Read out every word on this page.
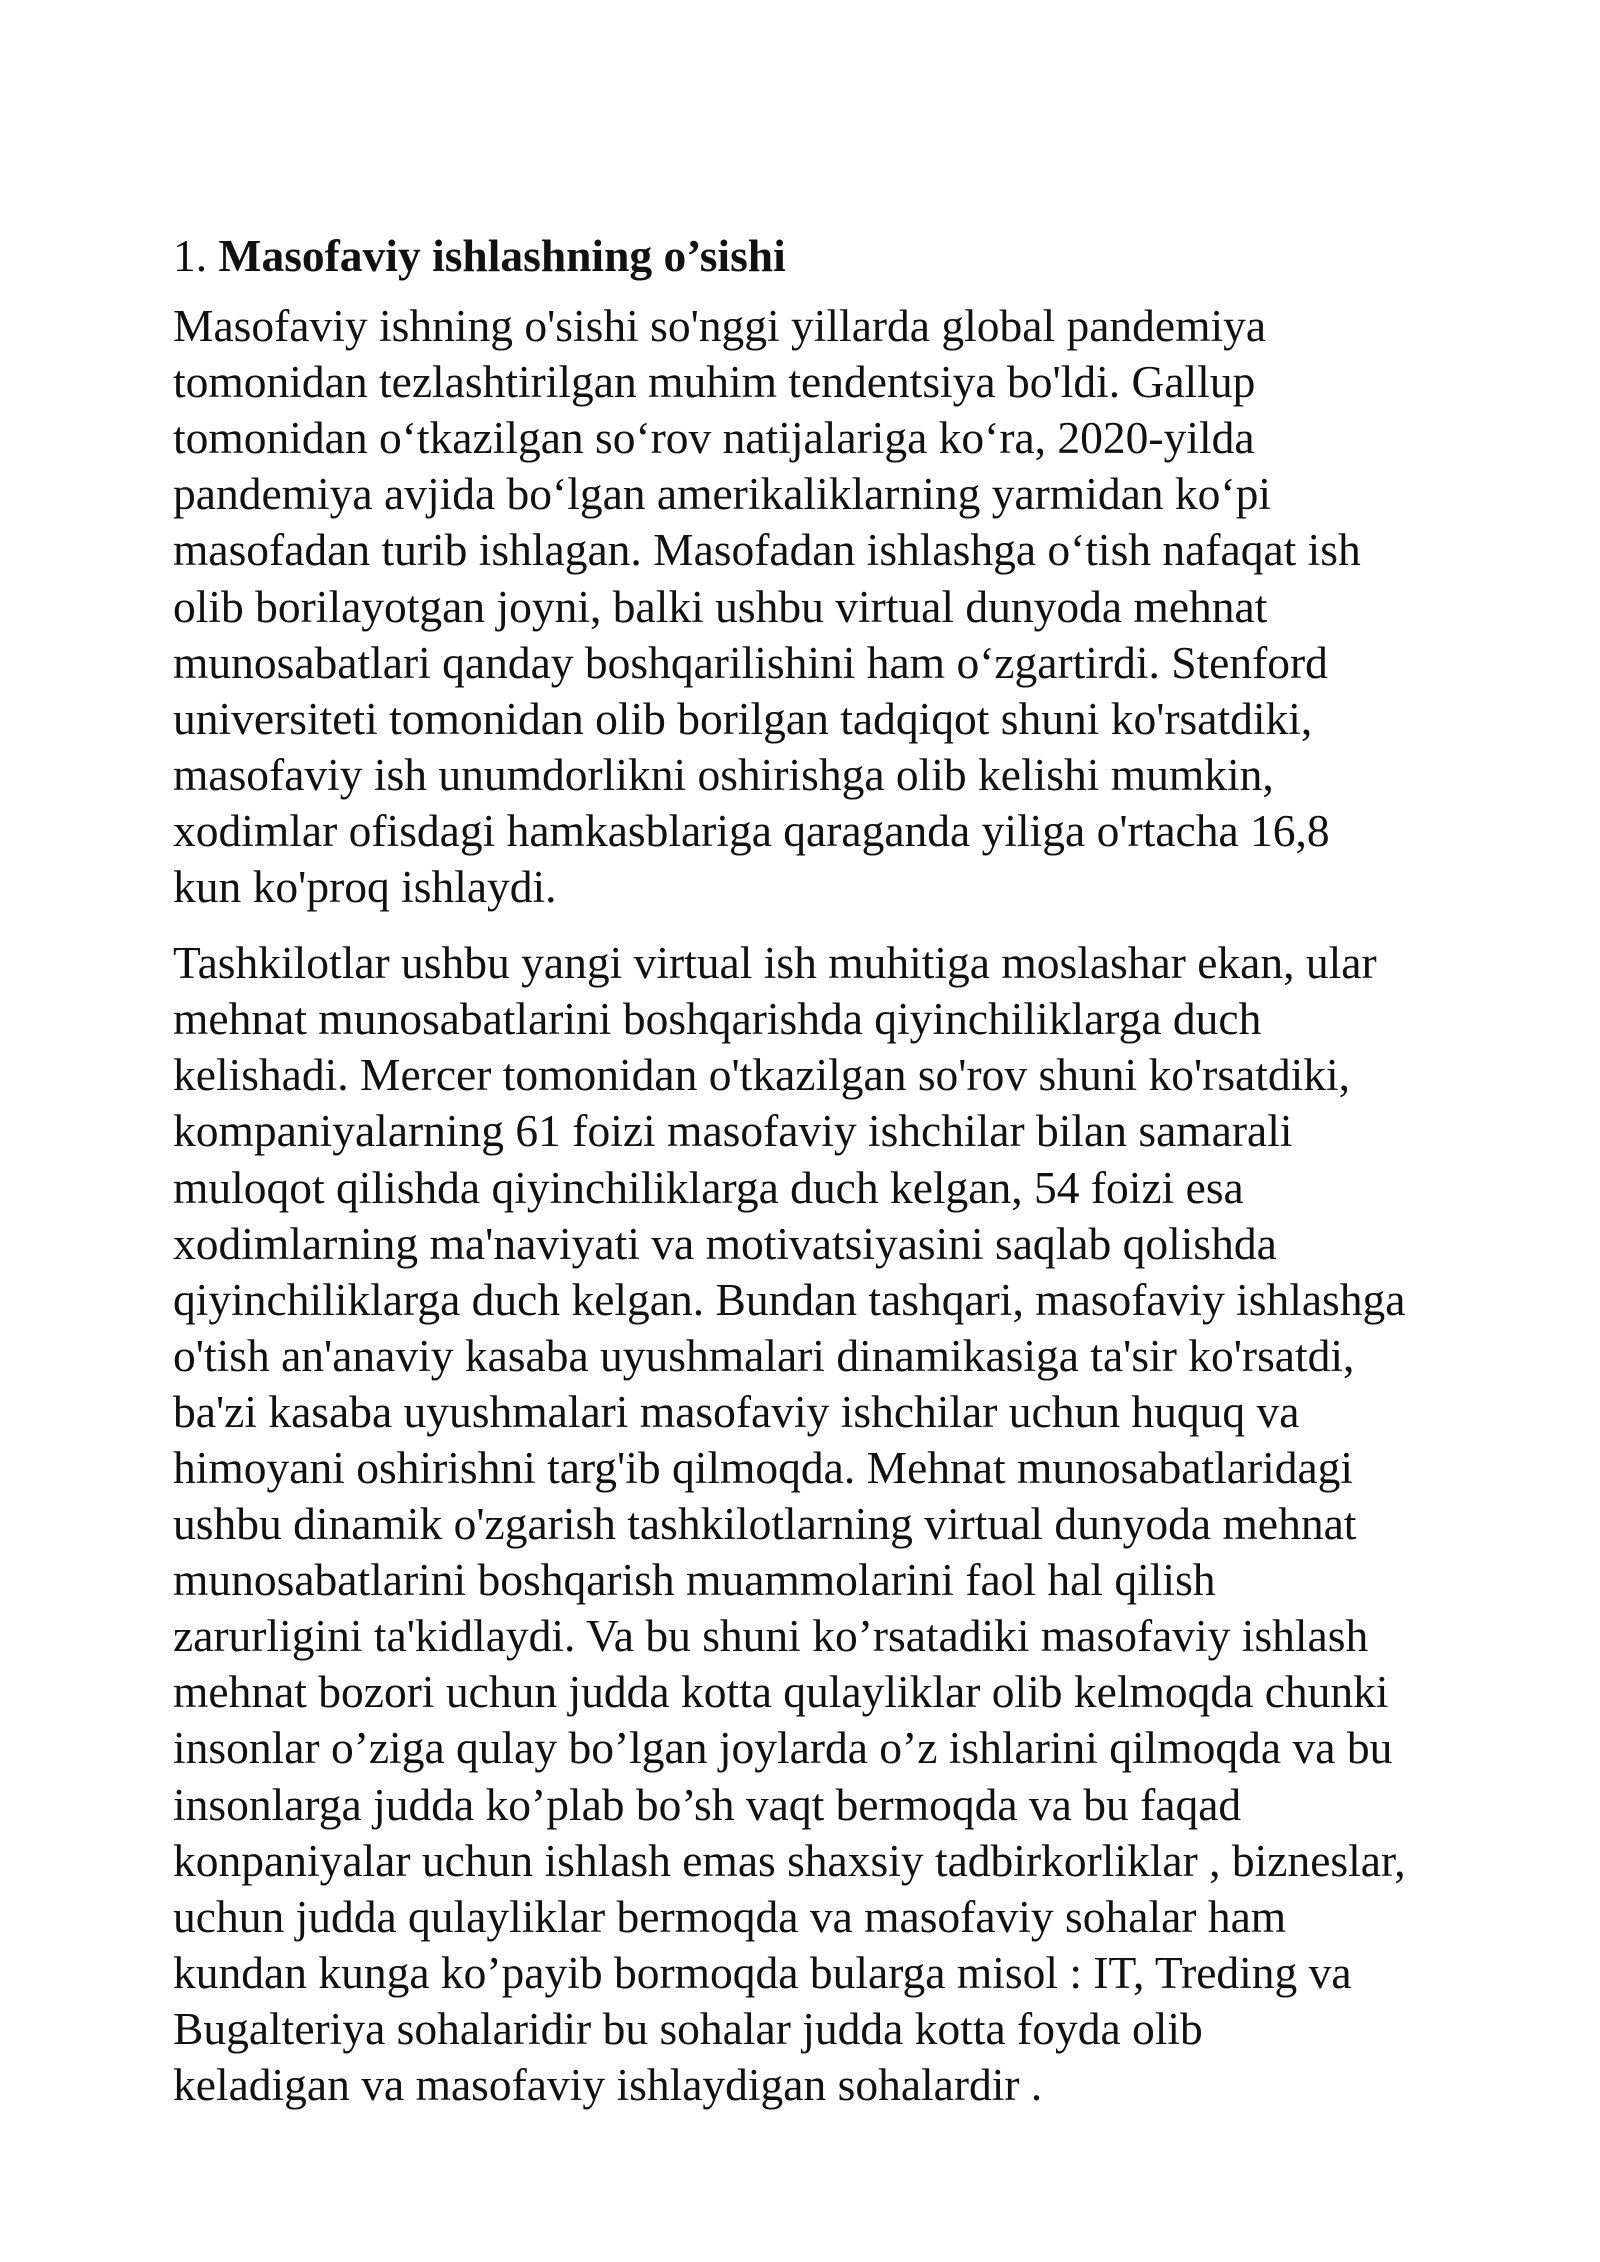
1. Masofaviy ishlashning o’sishi

Masofaviy ishning o'sishi so'nggi yillarda global pandemiya
tomonidan tezlashtirilgan muhim tendentsiya bo'ldi. Gallup
tomonidan oʻtkazilgan soʻrov natijalariga koʻra, 2020-yilda
pandemiya avjida boʻlgan amerikaliklarning yarmidan koʻpi
masofadan turib ishlagan. Masofadan ishlashga oʻtish nafaqat ish
olib borilayotgan joyni, balki ushbu virtual dunyoda mehnat
munosabatlari qanday boshqarilishini ham oʻzgartirdi. Stenford
universiteti tomonidan olib borilgan tadqiqot shuni ko'rsatdiki,
masofaviy ish unumdorlikni oshirishga olib kelishi mumkin,
xodimlar ofisdagi hamkasblariga qaraganda yiliga o'rtacha 16,8
kun ko'proq ishlaydi.

Tashkilotlar ushbu yangi virtual ish muhitiga moslashar ekan, ular
mehnat munosabatlarini boshqarishda qiyinchiliklarga duch
kelishadi. Mercer tomonidan o'tkazilgan so'rov shuni ko'rsatdiki,
kompaniyalarning 61 foizi masofaviy ishchilar bilan samarali
muloqot qilishda qiyinchiliklarga duch kelgan, 54 foizi esa
xodimlarning ma'naviyati va motivatsiyasini saqlab qolishda
qiyinchiliklarga duch kelgan. Bundan tashqari, masofaviy ishlashga
o'tish an'anaviy kasaba uyushmalari dinamikasiga ta'sir ko'rsatdi,
ba'zi kasaba uyushmalari masofaviy ishchilar uchun huquq va
himoyani oshirishni targ'ib qilmoqda. Mehnat munosabatlaridagi
ushbu dinamik o'zgarish tashkilotlarning virtual dunyoda mehnat
munosabatlarini boshqarish muammolarini faol hal qilish
zarurligini ta'kidlaydi. Va bu shuni ko’rsatadiki masofaviy ishlash
mehnat bozori uchun judda kotta qulayliklar olib kelmoqda chunki
insonlar o’ziga qulay bo’lgan joylarda o’z ishlarini qilmoqda va bu
insonlarga judda ko’plab bo’sh vaqt bermoqda va bu faqad
konpaniyalar uchun ishlash emas shaxsiy tadbirkorliklar , bizneslar,
uchun judda qulayliklar bermoqda va masofaviy sohalar ham
kundan kunga ko’payib bormoqda bularga misol : IT, Treding va
Bugalteriya sohalaridir bu sohalar judda kotta foyda olib
keladigan va masofaviy ishlaydigan sohalardir .
